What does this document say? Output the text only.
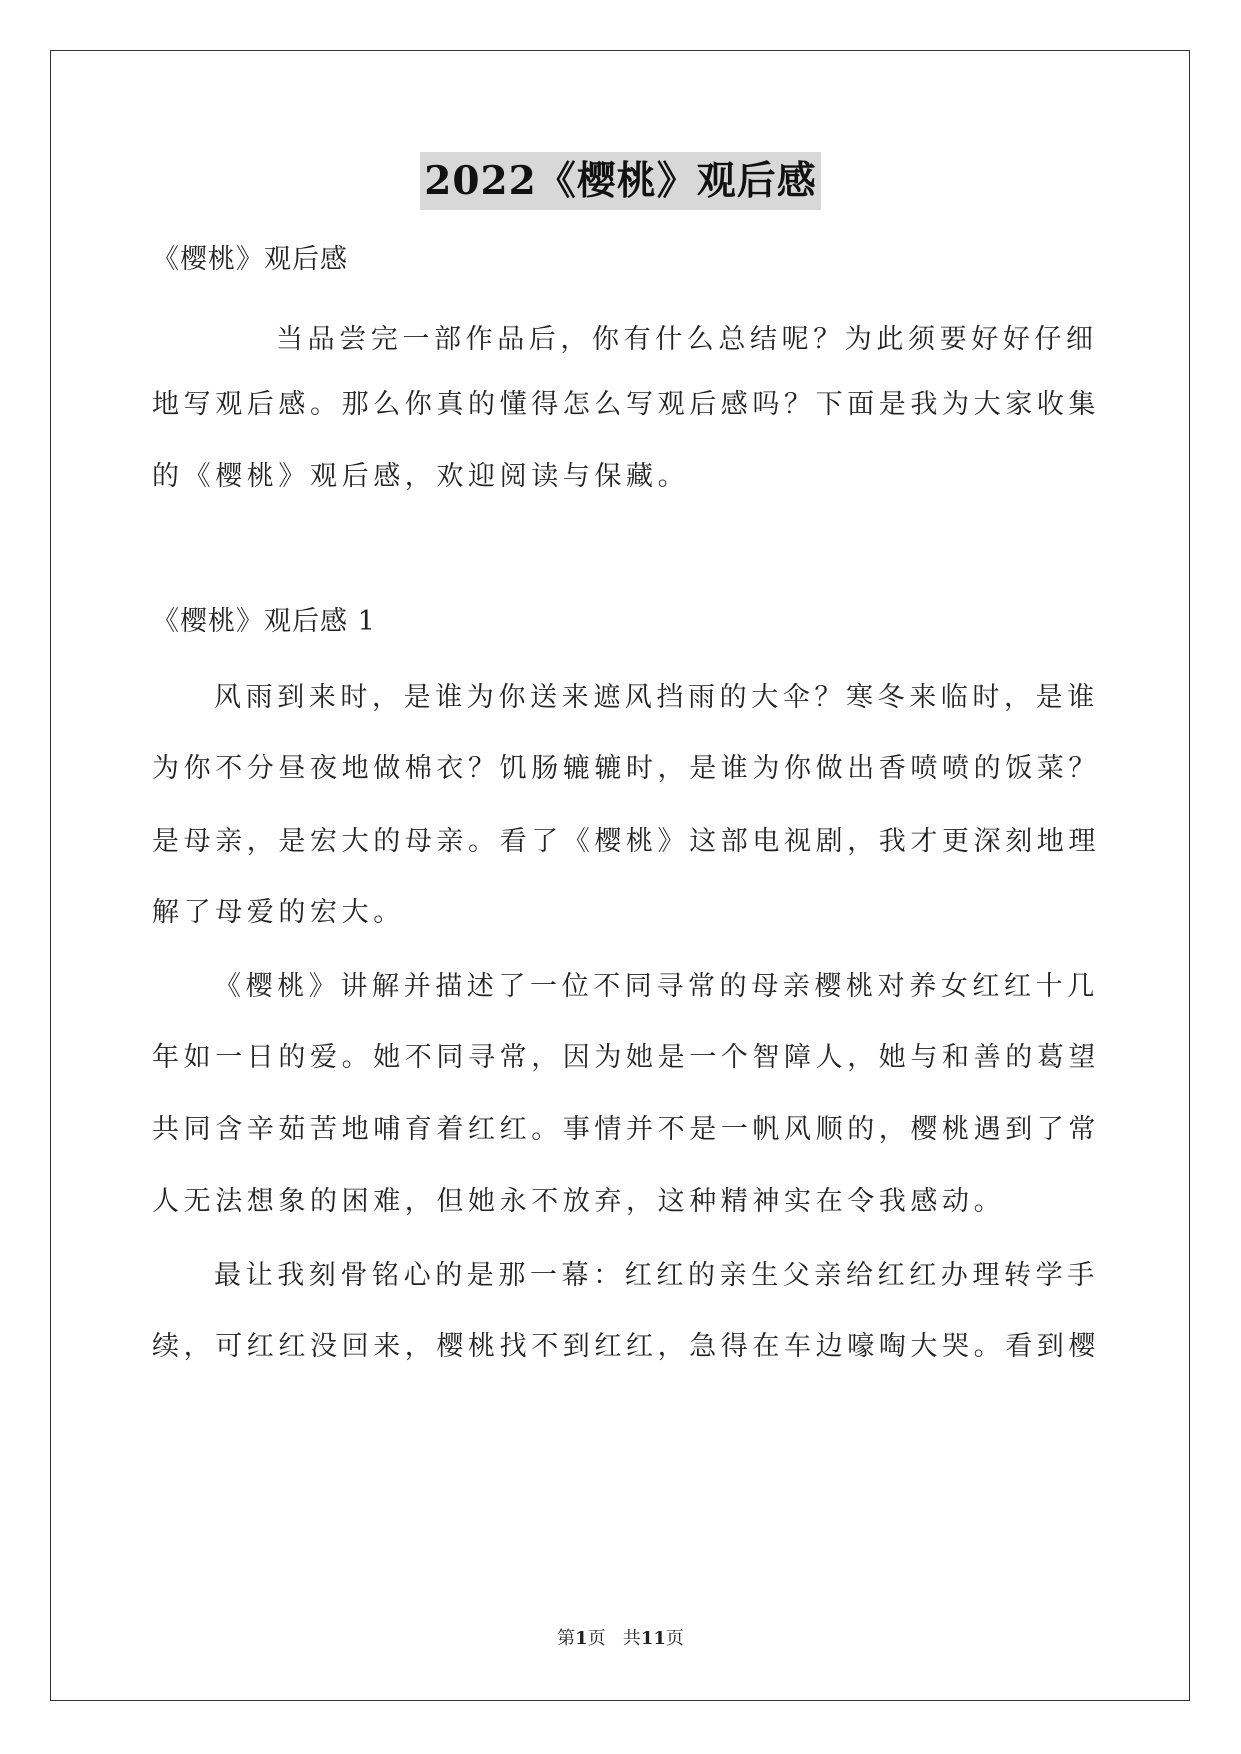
2022《樱桃》观后感
《樱桃》观后感
当品尝完一部作品后，你有什么总结呢？为此须要好好仔细
地写观后感。那么你真的懂得怎么写观后感吗？下面是我为大家收集
的《樱桃》观后感，欢迎阅读与保藏。
《樱桃》观后感 1
风雨到来时，是谁为你送来遮风挡雨的大伞？寒冬来临时，是谁
为你不分昼夜地做棉衣？饥肠辘辘时，是谁为你做出香喷喷的饭菜？
是母亲，是宏大的母亲。看了《樱桃》这部电视剧，我才更深刻地理
解了母爱的宏大。
《樱桃》讲解并描述了一位不同寻常的母亲樱桃对养女红红十几
年如一日的爱。她不同寻常，因为她是一个智障人，她与和善的葛望
共同含辛茹苦地哺育着红红。事情并不是一帆风顺的，樱桃遇到了常
人无法想象的困难，但她永不放弃，这种精神实在令我感动。
最让我刻骨铭心的是那一幕：红红的亲生父亲给红红办理转学手
续，可红红没回来，樱桃找不到红红，急得在车边嚎啕大哭。看到樱
第1页   共11页
